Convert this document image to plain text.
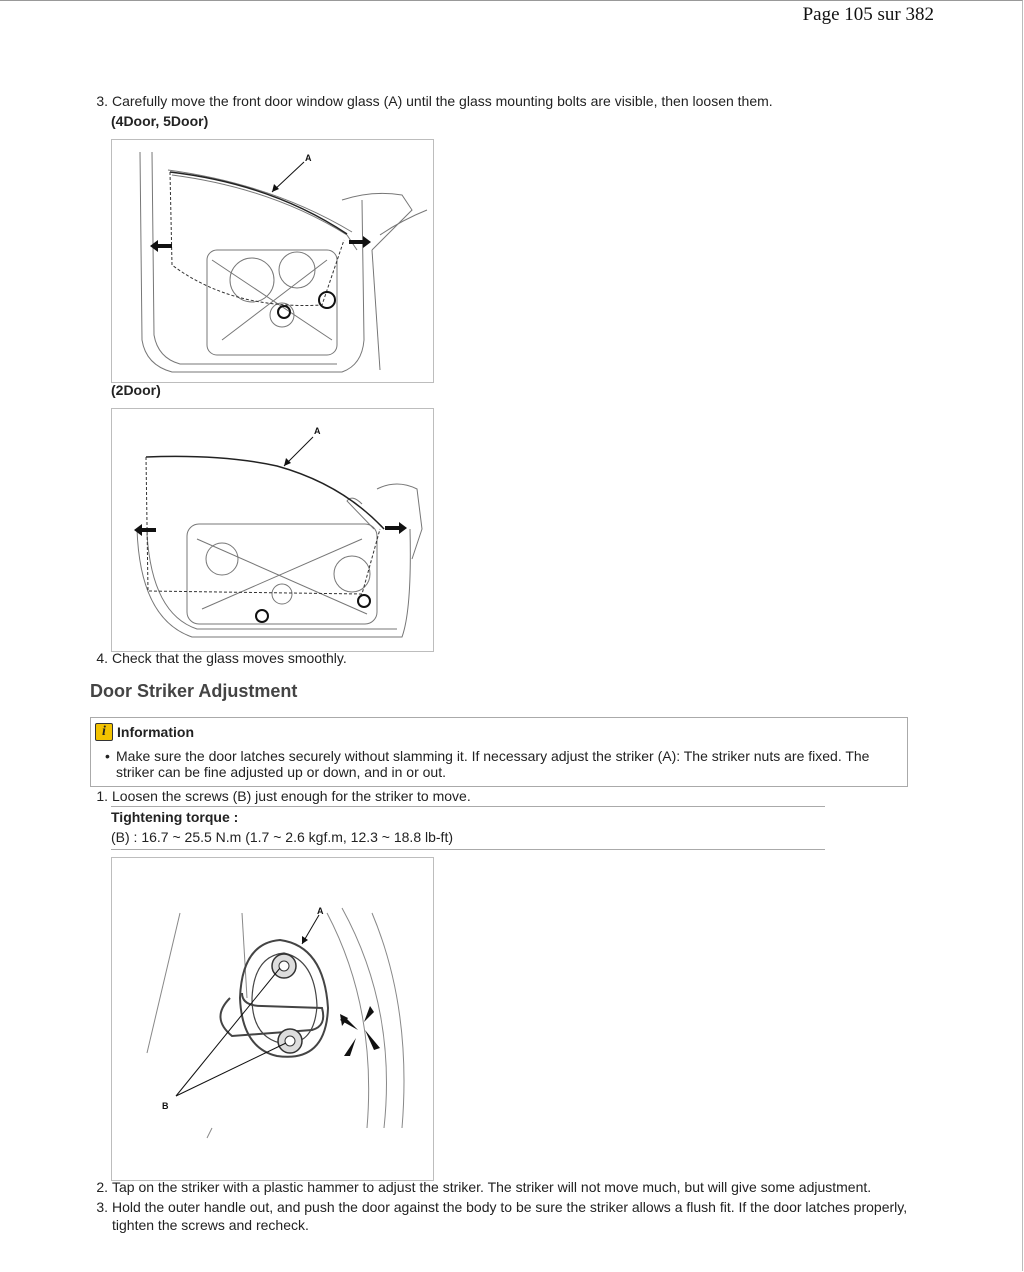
Page 105 sur 382
3. Carefully move the front door window glass (A) until the glass mounting bolts are visible, then loosen them.
(4Door, 5Door)
A
(2Door)
A
4. Check that the glass moves smoothly.
Door Striker Adjustment
i Information
• Make sure the door latches securely without slamming it. If necessary adjust the striker (A): The striker nuts are fixed. The striker can be fine adjusted up or down, and in or out.
1. Loosen the screws (B) just enough for the striker to move.
Tightening torque :
(B) : 16.7 ~ 25.5 N.m (1.7 ~ 2.6 kgf.m, 12.3 ~ 18.8 lb-ft)
A
B
2. Tap on the striker with a plastic hammer to adjust the striker. The striker will not move much, but will give some adjustment.
3. Hold the outer handle out, and push the door against the body to be sure the striker allows a flush fit. If the door latches properly, tighten the screws and recheck.
